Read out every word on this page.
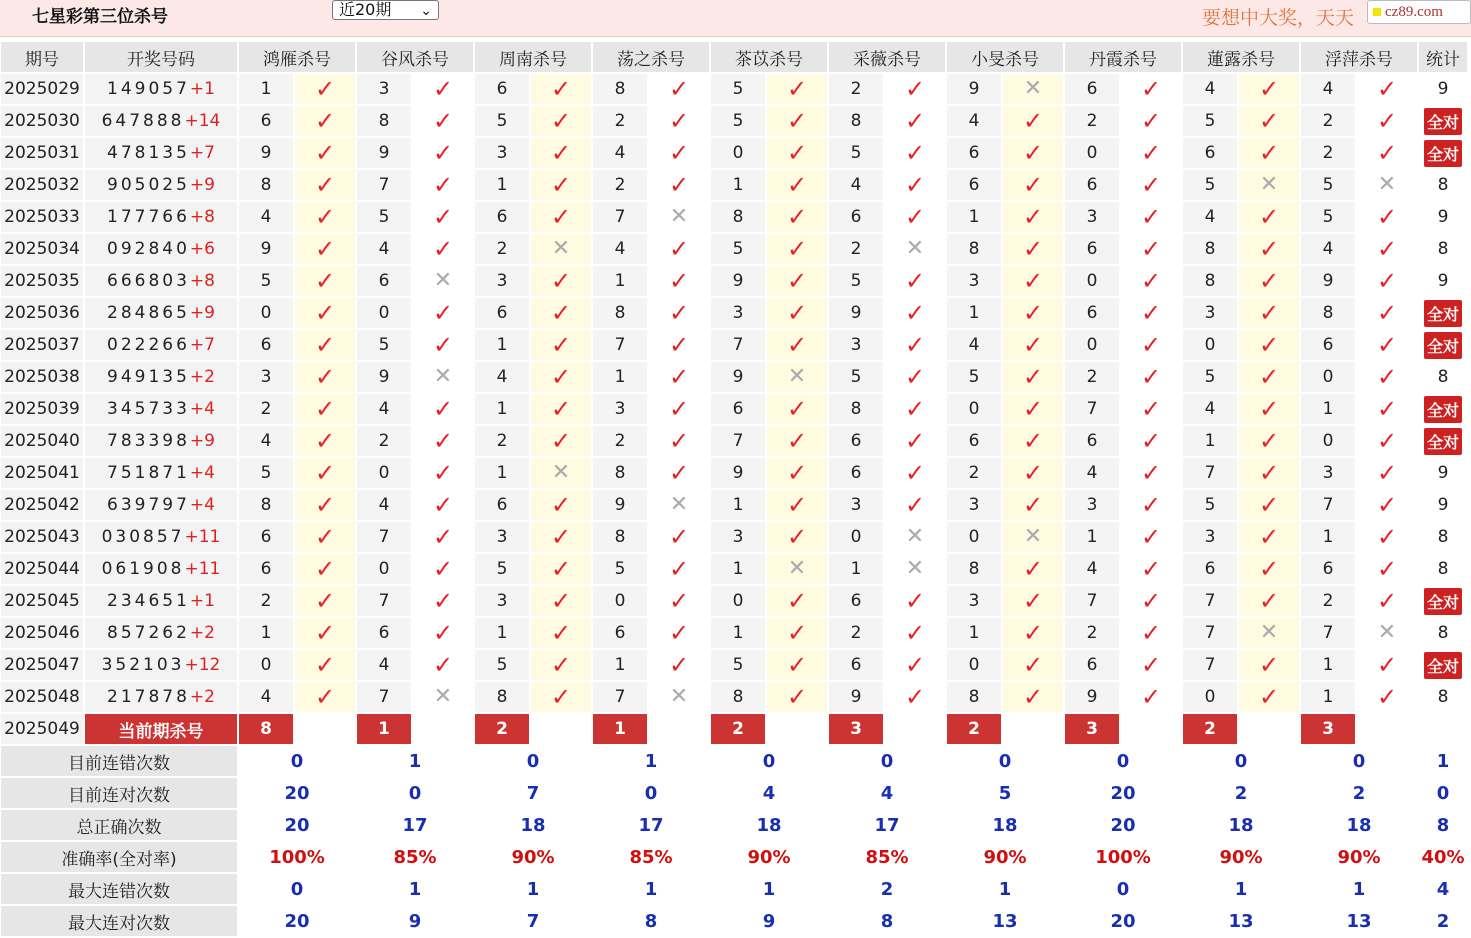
七星彩第三位杀号	近20期 ⌄	要想中大奖，天天	cz89.com
期号	开奖号码	鸿雁杀号		谷风杀号		周南杀号		荡之杀号		茶苡杀号		采薇杀号		小旻杀号		丹霞杀号		蓮露杀号		浮萍杀号		统计
2025029	149057+1	1	✓	3	✓	6	✓	8	✓	5	✓	2	✓	9	✕	6	✓	4	✓	4	✓	9
2025030	647888+14	6	✓	8	✓	5	✓	2	✓	5	✓	8	✓	4	✓	2	✓	5	✓	2	✓	全对
2025031	478135+7	9	✓	9	✓	3	✓	4	✓	0	✓	5	✓	6	✓	0	✓	6	✓	2	✓	全对
2025032	905025+9	8	✓	7	✓	1	✓	2	✓	1	✓	4	✓	6	✓	6	✓	5	✕	5	✕	8
2025033	177766+8	4	✓	5	✓	6	✓	7	✕	8	✓	6	✓	1	✓	3	✓	4	✓	5	✓	9
2025034	092840+6	9	✓	4	✓	2	✕	4	✓	5	✓	2	✕	8	✓	6	✓	8	✓	4	✓	8
2025035	666803+8	5	✓	6	✕	3	✓	1	✓	9	✓	5	✓	3	✓	0	✓	8	✓	9	✓	9
2025036	284865+9	0	✓	0	✓	6	✓	8	✓	3	✓	9	✓	1	✓	6	✓	3	✓	8	✓	全对
2025037	022266+7	6	✓	5	✓	1	✓	7	✓	7	✓	3	✓	4	✓	0	✓	0	✓	6	✓	全对
2025038	949135+2	3	✓	9	✕	4	✓	1	✓	9	✕	5	✓	5	✓	2	✓	5	✓	0	✓	8
2025039	345733+4	2	✓	4	✓	1	✓	3	✓	6	✓	8	✓	0	✓	7	✓	4	✓	1	✓	全对
2025040	783398+9	4	✓	2	✓	2	✓	2	✓	7	✓	6	✓	6	✓	6	✓	1	✓	0	✓	全对
2025041	751871+4	5	✓	0	✓	1	✕	8	✓	9	✓	6	✓	2	✓	4	✓	7	✓	3	✓	9
2025042	639797+4	8	✓	4	✓	6	✓	9	✕	1	✓	3	✓	3	✓	3	✓	5	✓	7	✓	9
2025043	030857+11	6	✓	7	✓	3	✓	8	✓	3	✓	0	✕	0	✕	1	✓	3	✓	1	✓	8
2025044	061908+11	6	✓	0	✓	5	✓	5	✓	1	✕	1	✕	8	✓	4	✓	6	✓	6	✓	8
2025045	234651+1	2	✓	7	✓	3	✓	0	✓	0	✓	6	✓	3	✓	7	✓	7	✓	2	✓	全对
2025046	857262+2	1	✓	6	✓	1	✓	6	✓	1	✓	2	✓	1	✓	2	✓	7	✕	7	✕	8
2025047	352103+12	0	✓	4	✓	5	✓	1	✓	5	✓	6	✓	0	✓	6	✓	7	✓	1	✓	全对
2025048	217878+2	4	✓	7	✕	8	✓	7	✕	8	✓	9	✓	8	✓	9	✓	0	✓	1	✓	8
2025049	当前期杀号	8		1		2		1		2		3		2		3		2		3		
目前连错次数		0		1		0		1		0		0		0		0		0		0		1
目前连对次数		20		0		7		0		4		4		5		20		2		2		0
总正确次数		20		17		18		17		18		17		18		20		18		18		8
准确率(全对率)		100%		85%		90%		85%		90%		85%		90%		100%		90%		90%		40%
最大连错次数		0		1		1		1		1		2		1		0		1		1		4
最大连对次数		20		9		7		8		9		8		13		20		13		13		2
